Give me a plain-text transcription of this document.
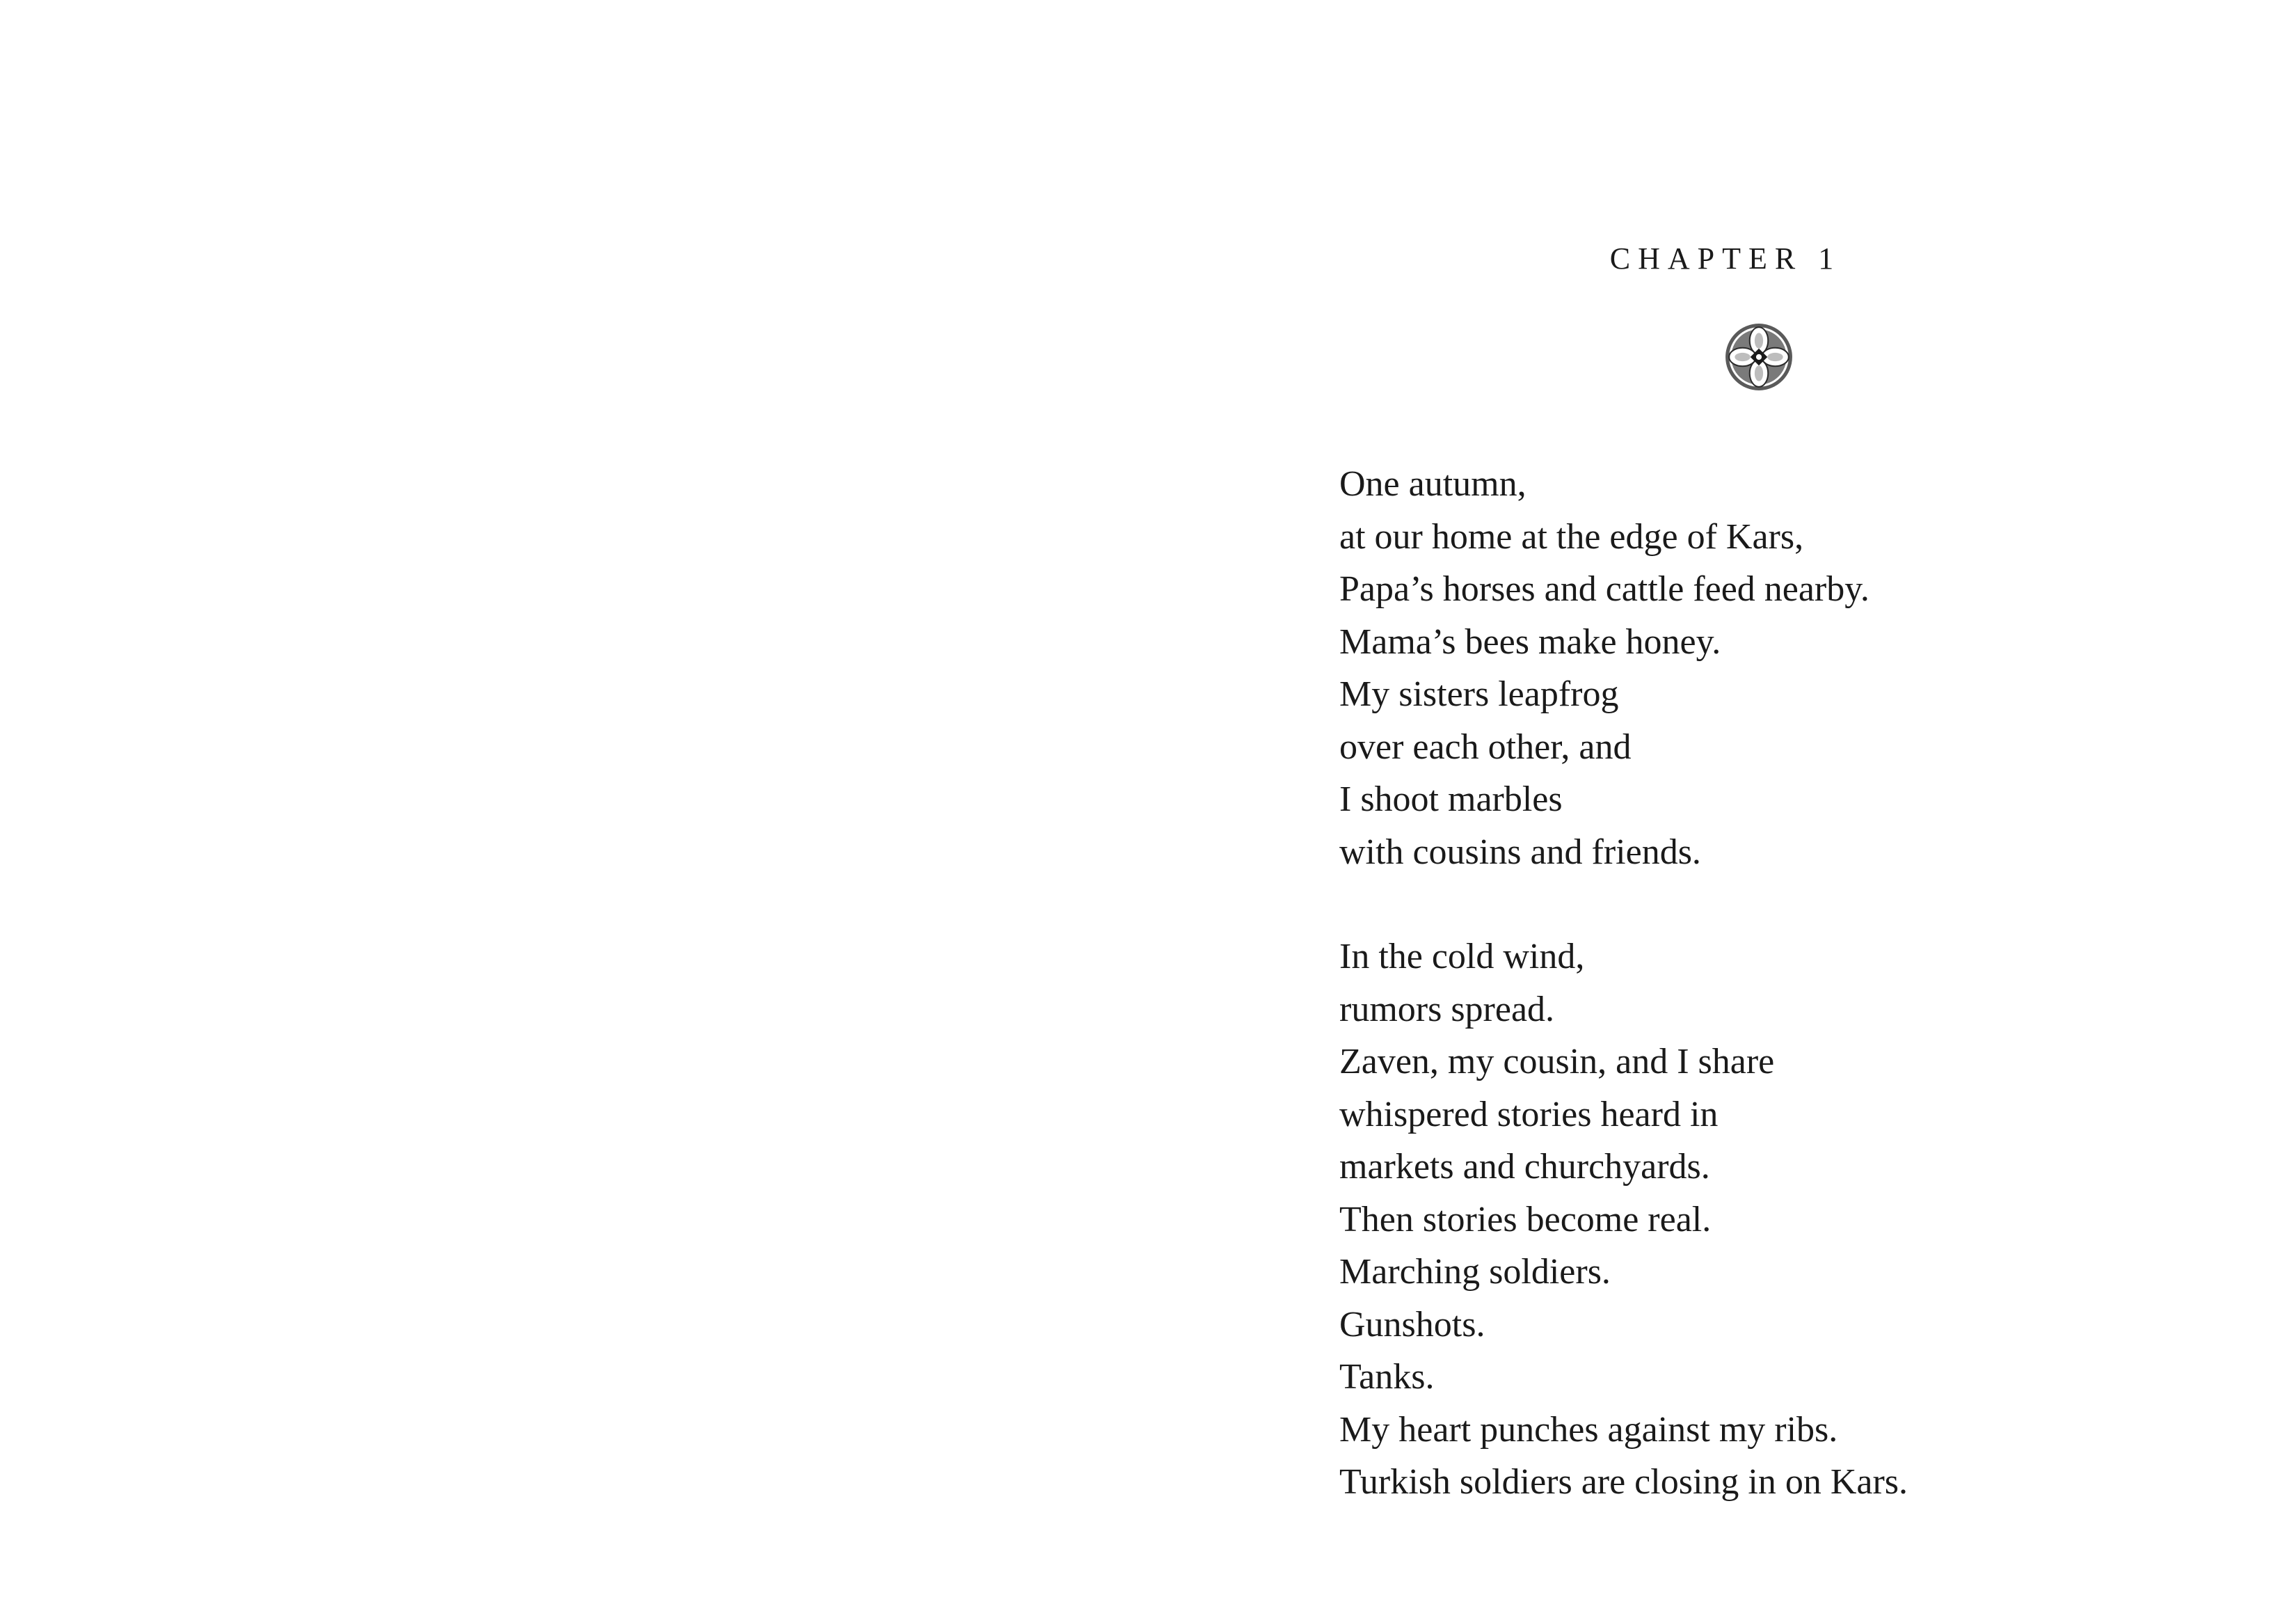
CHAPTER 1
One autumn,
at our home at the edge of Kars,
Papa’s horses and cattle feed nearby.
Mama’s bees make honey.
My sisters leapfrog
over each other, and
I shoot marbles
with cousins and friends.
In the cold wind,
rumors spread.
Zaven, my cousin, and I share
whispered stories heard in
markets and churchyards.
Then stories become real.
Marching soldiers.
Gunshots.
Tanks.
My heart punches against my ribs.
Turkish soldiers are closing in on Kars.
